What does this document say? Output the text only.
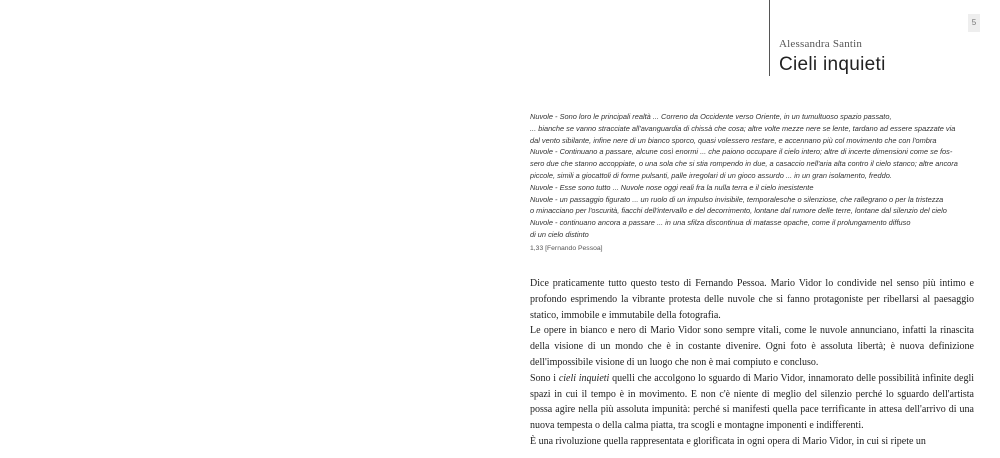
5
Alessandra Santin
Cieli inquieti
Nuvole - Sono loro le principali realtà ... Correno da Occidente verso Oriente, in un tumultuoso spazio passato,
... bianche se vanno stracciate all'avanguardia di chissà che cosa; altre volte mezze nere se lente, tardano ad essere spazzate via
dal vento sibilante, infine nere di un bianco sporco, quasi volessero restare, e accennano più col movimento che con l'ombra
Nuvole - Continuano a passare, alcune così enormi ... che paiono occupare il cielo intero; altre di incerte dimensioni come se fos-
sero due che stanno accoppiate, o una sola che si stia rompendo in due, a casaccio nell'aria alta contro il cielo stanco; altre ancora
piccole, simili a giocattoli di forme pulsanti, palle irregolari di un gioco assurdo ... in un gran isolamento, freddo.
Nuvole - Esse sono tutto ... Nuvole nose oggi reali fra la nulla terra e il cielo inesistente
Nuvole - un passaggio figurato ... un ruolo di un impulso invisibile, temporalesche o silenziose, che rallegrano o per la tristezza
o minacciano per l'oscurità, fiacchi dell'intervallo e del decorrimento, lontane dal rumore delle terre, lontane dal silenzio del cielo
Nuvole - continuano ancora a passare ... in una sfilza discontinua di matasse opache, come il prolungamento diffuso
di un cielo distinto
1,33 [Fernando Pessoa]

Dice praticamente tutto questo testo di Fernando Pessoa. Mario Vidor lo condivide nel senso più intimo e profondo esprimendo la vibrante protesta delle nuvole che si fanno protagoniste per ribellarsi al paesaggio statico, immobile e immutabile della fotografia.

Le opere in bianco e nero di Mario Vidor sono sempre vitali, come le nuvole annunciano, infatti la rinascita della visione di un mondo che è in costante divenire. Ogni foto è assoluta libertà; è nuova definizione dell'impossibile visione di un luogo che non è mai compiuto e concluso.

Sono i cieli inquieti quelli che accolgono lo sguardo di Mario Vidor, innamorato delle possibilità infinite degli spazi in cui il tempo è in movimento. E non c'è niente di meglio del silenzio perché lo sguardo dell'artista possa agire nella più assoluta impunità: perché si manifesti quella pace terrificante in attesa dell'arrivo di una nuova tempesta o della calma piatta, tra scogli e montagne imponenti e indifferenti.

È una rivoluzione quella rappresentata e glorificata in ogni opera di Mario Vidor, in cui si ripete un
